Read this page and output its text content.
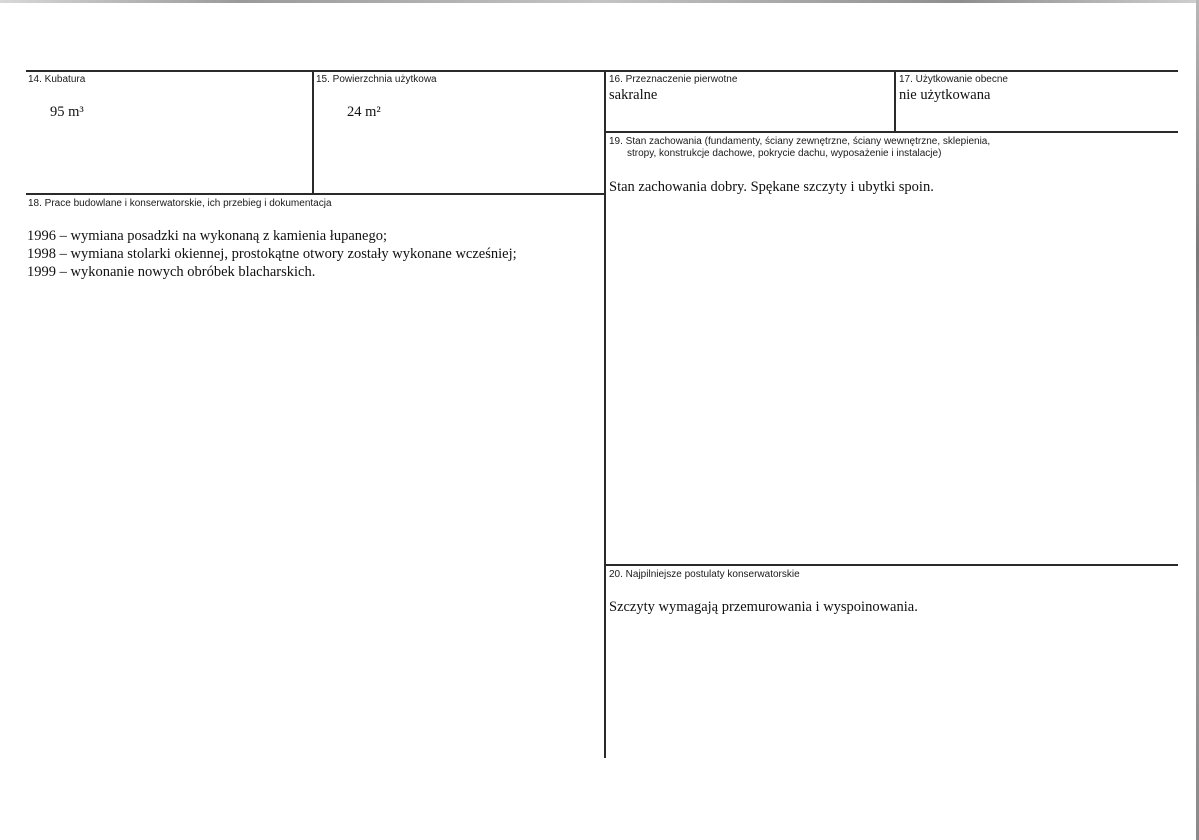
14. Kubatura
95 m³
15. Powierzchnia użytkowa
24 m²
16. Przeznaczenie pierwotne
sakralne
17. Użytkowanie obecne
nie użytkowana
18. Prace budowlane i konserwatorskie, ich przebieg i dokumentacja
1996 – wymiana posadzki na wykonaną z kamienia łupanego;
1998 – wymiana stolarki okiennej, prostokątne otwory zostały wykonane wcześniej;
1999 – wykonanie nowych obróbek blacharskich.
19. Stan zachowania (fundamenty, ściany zewnętrzne, ściany wewnętrzne, sklepienia,
stropy, konstrukcje dachowe, pokrycie dachu, wyposażenie i instalacje)
Stan zachowania dobry. Spękane szczyty i ubytki spoin.
20. Najpilniejsze postulaty konserwatorskie
Szczyty wymagają przemurowania i wyspoinowania.
